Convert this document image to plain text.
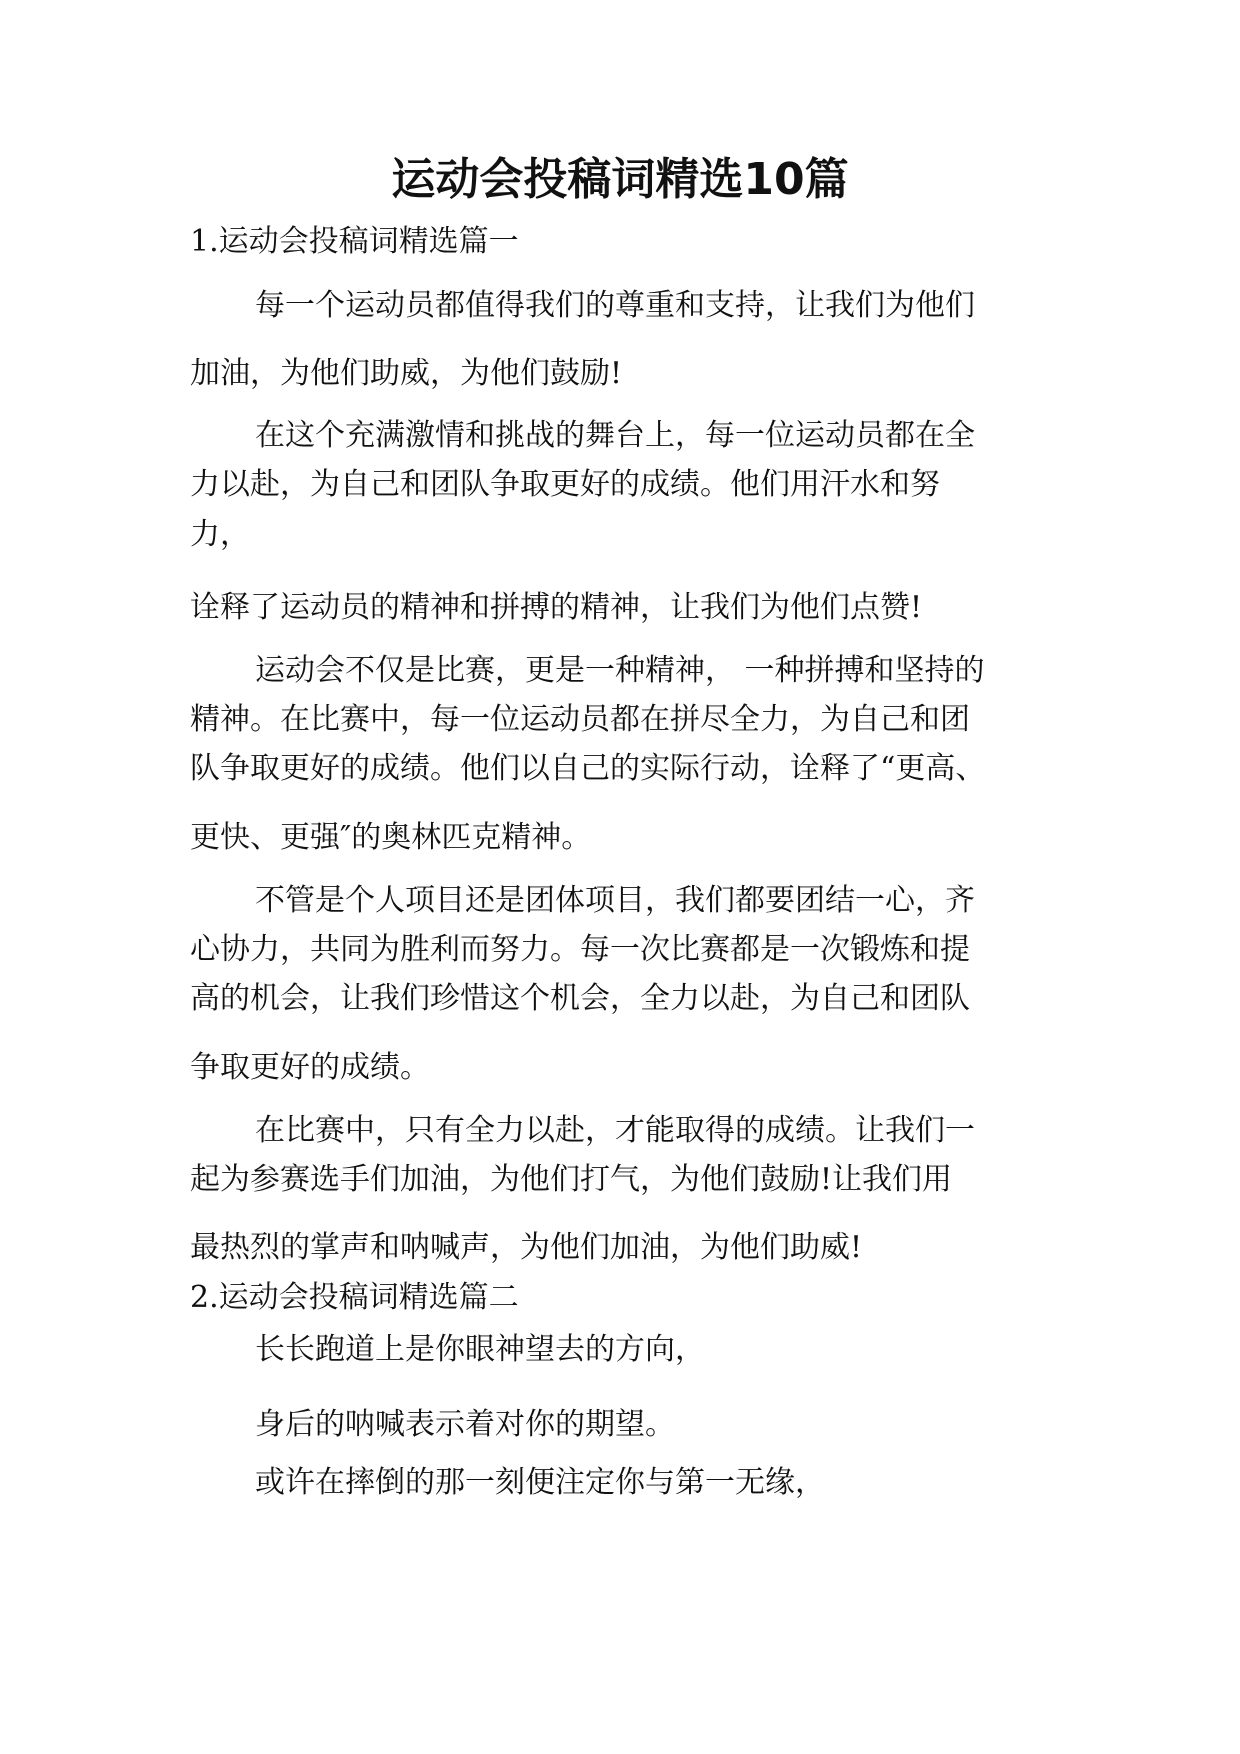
运动会投稿词精选10篇
1.运动会投稿词精选篇一
每一个运动员都值得我们的尊重和支持，让我们为他们
加油，为他们助威，为他们鼓励!
在这个充满激情和挑战的舞台上，每一位运动员都在全
力以赴，为自己和团队争取更好的成绩。他们用汗水和努
力，
诠释了运动员的精神和拼搏的精神，让我们为他们点赞!
运动会不仅是比赛，更是一种精神， 一种拼搏和坚持的
精神。在比赛中，每一位运动员都在拼尽全力，为自己和团
队争取更好的成绩。他们以自己的实际行动，诠释了“更高、
更快、更强″的奥林匹克精神。
不管是个人项目还是团体项目，我们都要团结一心，齐
心协力，共同为胜利而努力。每一次比赛都是一次锻炼和提
高的机会，让我们珍惜这个机会，全力以赴，为自己和团队
争取更好的成绩。
在比赛中，只有全力以赴，才能取得的成绩。让我们一
起为参赛选手们加油，为他们打气，为他们鼓励!让我们用
最热烈的掌声和呐喊声，为他们加油，为他们助威!
2.运动会投稿词精选篇二
长长跑道上是你眼神望去的方向，
身后的呐喊表示着对你的期望。
或许在摔倒的那一刻便注定你与第一无缘，
